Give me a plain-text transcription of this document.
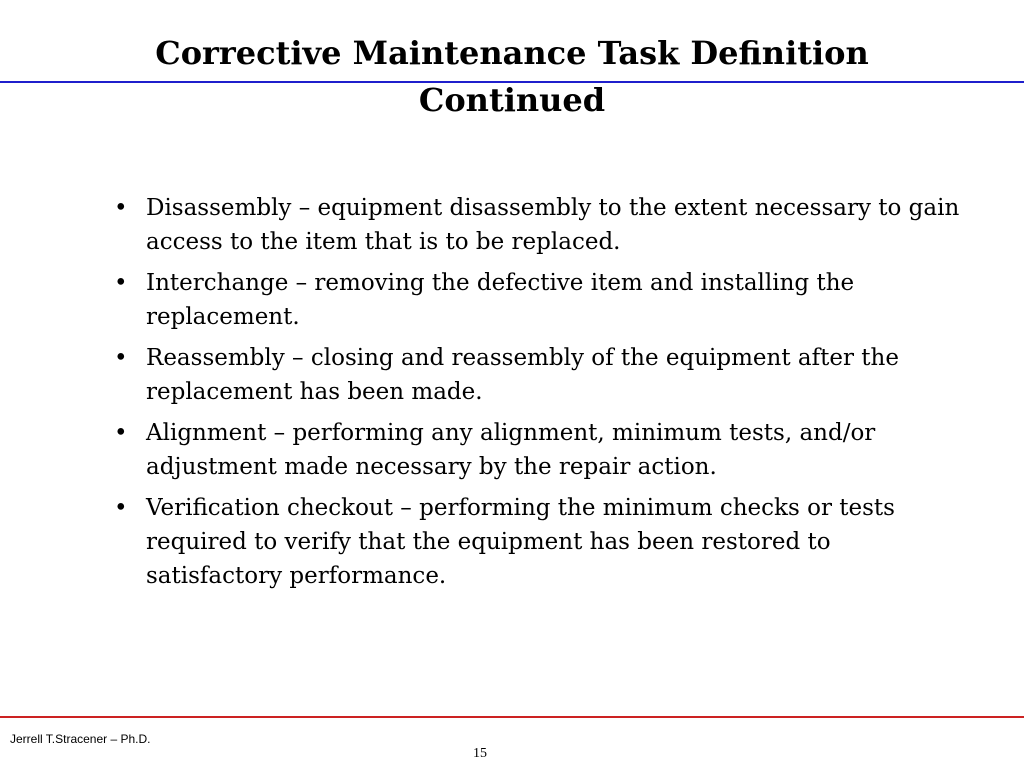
Corrective Maintenance Task Definition
Continued
• Disassembly – equipment disassembly to the extent necessary to gain access to the item that is to be replaced.
• Interchange – removing the defective item and installing the replacement.
• Reassembly – closing and reassembly of the equipment after the replacement has been made.
• Alignment – performing any alignment, minimum tests, and/or adjustment made necessary by the repair action.
• Verification checkout – performing the minimum checks or tests required to verify that the equipment has been restored to satisfactory performance.
Jerrell T.Stracener – Ph.D.
15
